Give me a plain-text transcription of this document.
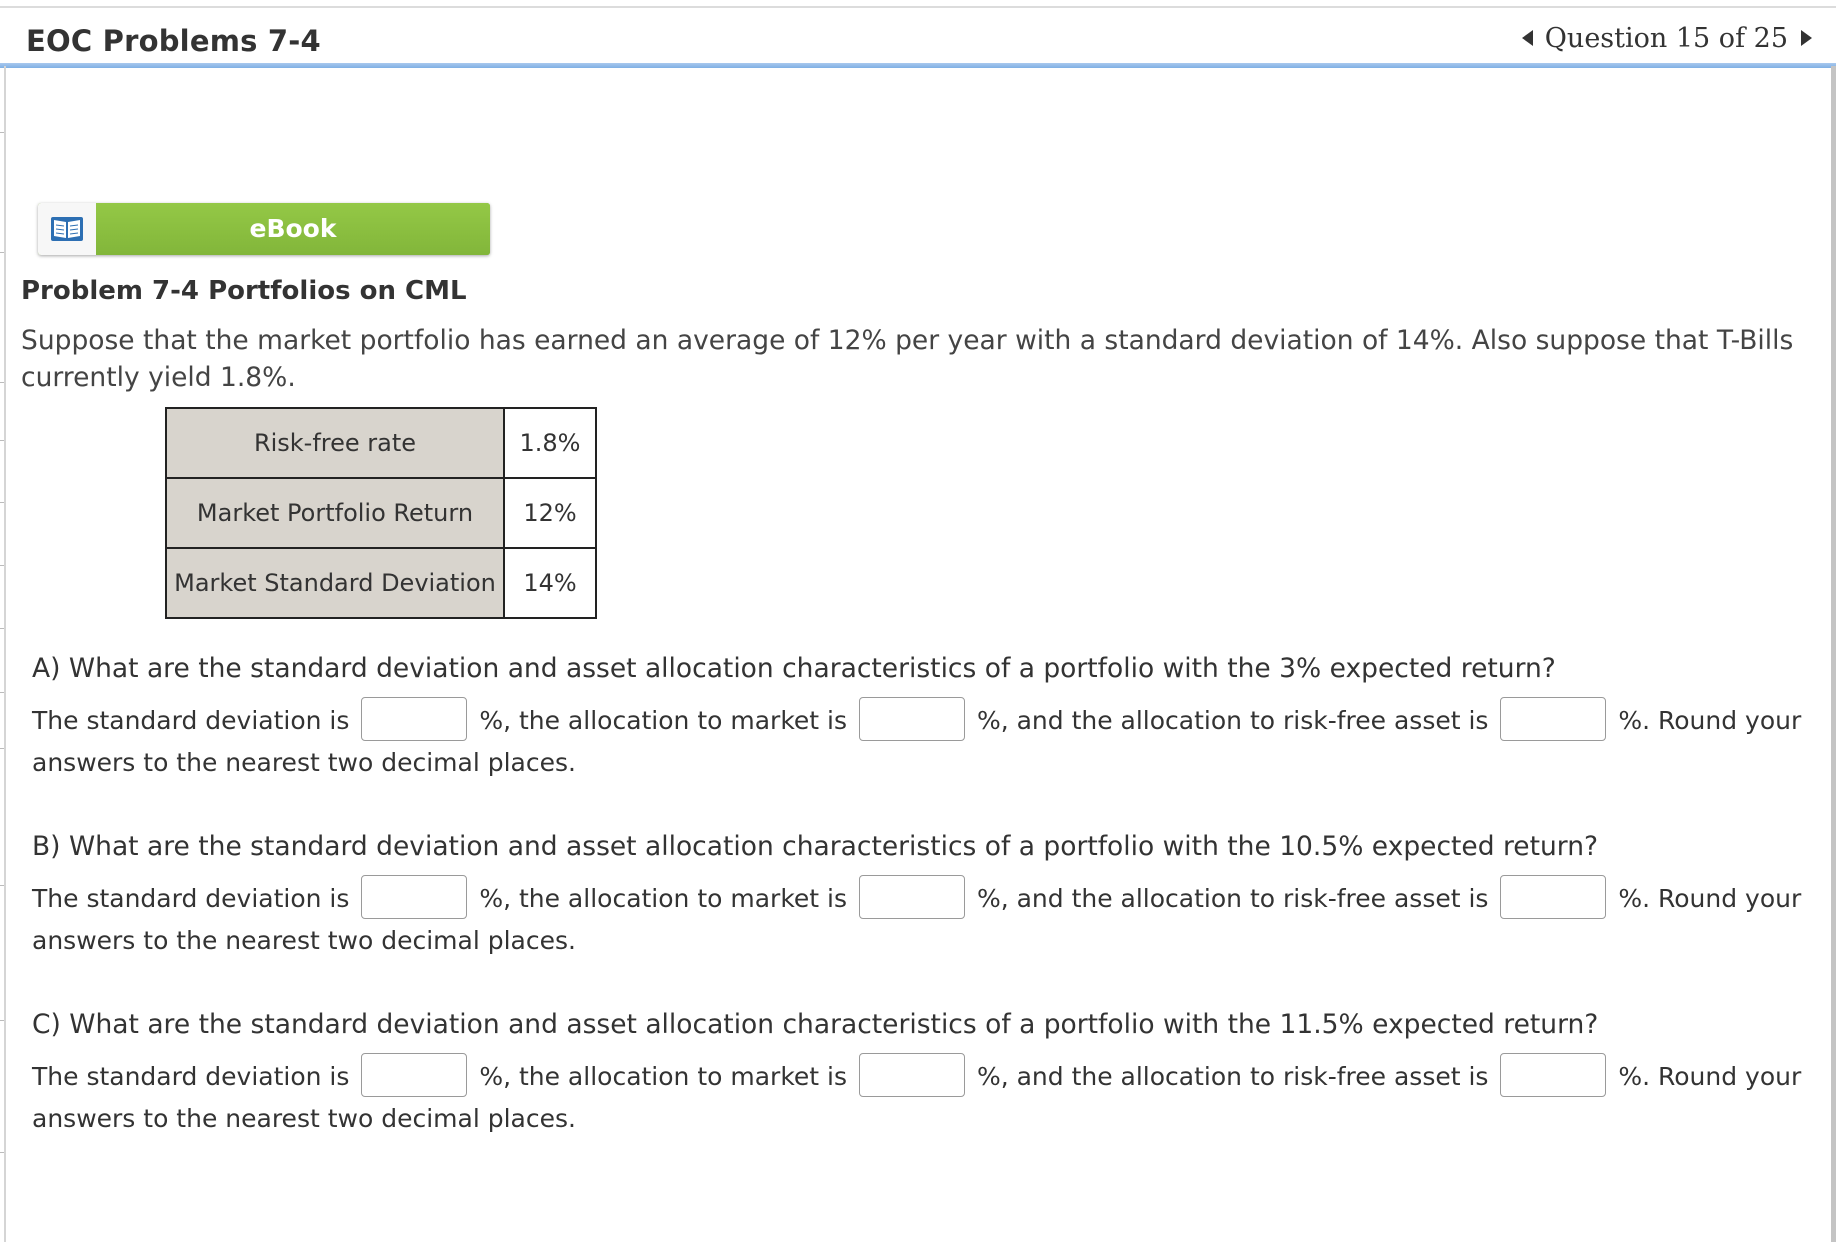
EOC Problems 7-4	Question 15 of 25
eBook
Problem 7-4 Portfolios on CML
Suppose that the market portfolio has earned an average of 12% per year with a standard deviation of 14%. Also suppose that T-Bills currently yield 1.8%.
Risk-free rate	1.8%
Market Portfolio Return	12%
Market Standard Deviation	14%
A) What are the standard deviation and asset allocation characteristics of a portfolio with the 3% expected return?
The standard deviation is	%, the allocation to market is	%, and the allocation to risk-free asset is	%. Round your answers to the nearest two decimal places.
B) What are the standard deviation and asset allocation characteristics of a portfolio with the 10.5% expected return?
The standard deviation is	%, the allocation to market is	%, and the allocation to risk-free asset is	%. Round your answers to the nearest two decimal places.
C) What are the standard deviation and asset allocation characteristics of a portfolio with the 11.5% expected return?
The standard deviation is	%, the allocation to market is	%, and the allocation to risk-free asset is	%. Round your answers to the nearest two decimal places.
